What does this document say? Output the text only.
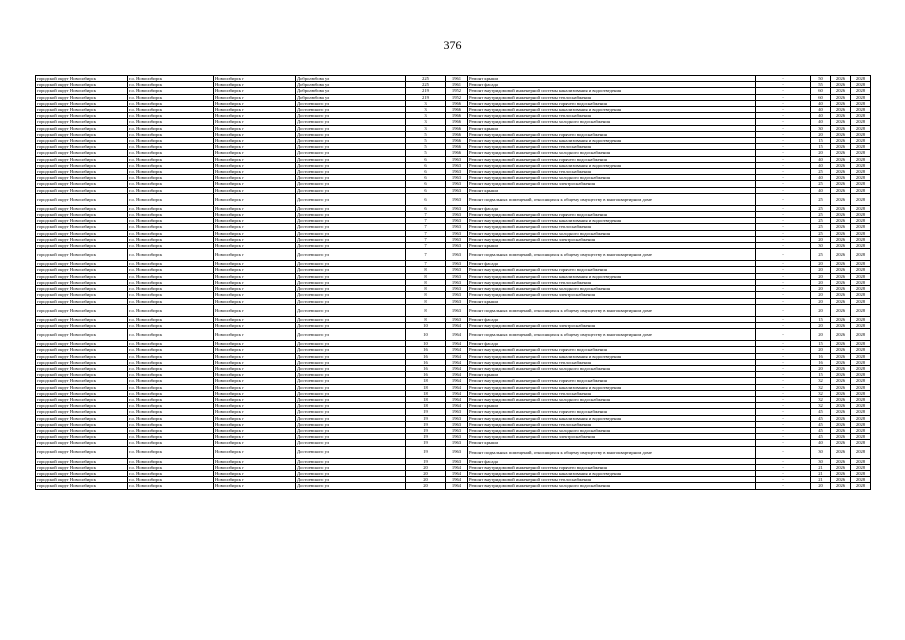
376
городской округ Новосибирск	г.о. Новосибирск	Новосибирск г	Добролюбова ул	225	1961	Ремонт крыши	-	50	2026	2028
городской округ Новосибирск	г.о. Новосибирск	Новосибирск г	Добролюбова ул	225	1961	Ремонт фасада	-	55	2026	2028
городской округ Новосибирск	г.о. Новосибирск	Новосибирск г	Добролюбова ул	219	1952	Ремонт внутридомовой инженерной системы канализования и водоотведения	-	60	2026	2028
городской округ Новосибирск	г.о. Новосибирск	Новосибирск г	Добролюбова ул	219	1952	Ремонт внутридомовой инженерной системы теплоснабжения	-	60	2026	2028
городской округ Новосибирск	г.о. Новосибирск	Новосибирск г	Достоевского ул	3	1966	Ремонт внутридомовой инженерной системы горячего водоснабжения	-	40	2026	2028
городской округ Новосибирск	г.о. Новосибирск	Новосибирск г	Достоевского ул	3	1966	Ремонт внутридомовой инженерной системы канализования и водоотведения	-	40	2026	2028
городской округ Новосибирск	г.о. Новосибирск	Новосибирск г	Достоевского ул	3	1966	Ремонт внутридомовой инженерной системы теплоснабжения	-	40	2026	2028
городской округ Новосибирск	г.о. Новосибирск	Новосибирск г	Достоевского ул	3	1966	Ремонт внутридомовой инженерной системы холодного водоснабжения	-	40	2026	2028
городской округ Новосибирск	г.о. Новосибирск	Новосибирск г	Достоевского ул	3	1966	Ремонт крыши	-	30	2026	2028
городской округ Новосибирск	г.о. Новосибирск	Новосибирск г	Достоевского ул	5	1966	Ремонт внутридомовой инженерной системы горячего водоснабжения	-	20	2026	2028
городской округ Новосибирск	г.о. Новосибирск	Новосибирск г	Достоевского ул	5	1966	Ремонт внутридомовой инженерной системы канализования и водоотведения	-	15	2026	2028
городской округ Новосибирск	г.о. Новосибирск	Новосибирск г	Достоевского ул	5	1966	Ремонт внутридомовой инженерной системы теплоснабжения	-	15	2026	2028
городской округ Новосибирск	г.о. Новосибирск	Новосибирск г	Достоевского ул	5	1966	Ремонт внутридомовой инженерной системы холодного водоснабжения	-	20	2026	2028
городской округ Новосибирск	г.о. Новосибирск	Новосибирск г	Достоевского ул	6	1963	Ремонт внутридомовой инженерной системы горячего водоснабжения	-	40	2026	2028
городской округ Новосибирск	г.о. Новосибирск	Новосибирск г	Достоевского ул	6	1963	Ремонт внутридомовой инженерной системы канализования и водоотведения	-	40	2026	2028
городской округ Новосибирск	г.о. Новосибирск	Новосибирск г	Достоевского ул	6	1963	Ремонт внутридомовой инженерной системы теплоснабжения	-	25	2026	2028
городской округ Новосибирск	г.о. Новосибирск	Новосибирск г	Достоевского ул	6	1963	Ремонт внутридомовой инженерной системы холодного водоснабжения	-	40	2026	2028
городской округ Новосибирск	г.о. Новосибирск	Новосибирск г	Достоевского ул	6	1963	Ремонт внутридомовой инженерной системы электроснабжения	-	25	2026	2028
городской округ Новосибирск	г.о. Новосибирск	Новосибирск г	Достоевского ул	6	1963	Ремонт крыши	-	40	2026	2028
городской округ Новосибирск	г.о. Новосибирск	Новосибирск г	Достоевского ул	6	1963	Ремонт подвальных помещений, относящихся к общему имуществу в многоквартирном доме	-	25	2026	2028
городской округ Новосибирск	г.о. Новосибирск	Новосибирск г	Достоевского ул	6	1963	Ремонт фасада	-	25	2026	2028
городской округ Новосибирск	г.о. Новосибирск	Новосибирск г	Достоевского ул	7	1963	Ремонт внутридомовой инженерной системы горячего водоснабжения	-	25	2026	2028
городской округ Новосибирск	г.о. Новосибирск	Новосибирск г	Достоевского ул	7	1963	Ремонт внутридомовой инженерной системы канализования и водоотведения	-	25	2026	2028
городской округ Новосибирск	г.о. Новосибирск	Новосибирск г	Достоевского ул	7	1963	Ремонт внутридомовой инженерной системы теплоснабжения	-	25	2026	2028
городской округ Новосибирск	г.о. Новосибирск	Новосибирск г	Достоевского ул	7	1963	Ремонт внутридомовой инженерной системы холодного водоснабжения	-	25	2026	2028
городской округ Новосибирск	г.о. Новосибирск	Новосибирск г	Достоевского ул	7	1963	Ремонт внутридомовой инженерной системы электроснабжения	-	20	2026	2028
городской округ Новосибирск	г.о. Новосибирск	Новосибирск г	Достоевского ул	7	1963	Ремонт крыши	-	30	2026	2028
городской округ Новосибирск	г.о. Новосибирск	Новосибирск г	Достоевского ул	7	1963	Ремонт подвальных помещений, относящихся к общему имуществу в многоквартирном доме	-	25	2026	2028
городской округ Новосибирск	г.о. Новосибирск	Новосибирск г	Достоевского ул	7	1963	Ремонт фасада	-	20	2026	2028
городской округ Новосибирск	г.о. Новосибирск	Новосибирск г	Достоевского ул	8	1963	Ремонт внутридомовой инженерной системы горячего водоснабжения	-	20	2026	2028
городской округ Новосибирск	г.о. Новосибирск	Новосибирск г	Достоевского ул	8	1963	Ремонт внутридомовой инженерной системы канализования и водоотведения	-	20	2026	2028
городской округ Новосибирск	г.о. Новосибирск	Новосибирск г	Достоевского ул	8	1963	Ремонт внутридомовой инженерной системы теплоснабжения	-	20	2026	2028
городской округ Новосибирск	г.о. Новосибирск	Новосибирск г	Достоевского ул	8	1963	Ремонт внутридомовой инженерной системы холодного водоснабжения	-	20	2026	2028
городской округ Новосибирск	г.о. Новосибирск	Новосибирск г	Достоевского ул	8	1963	Ремонт внутридомовой инженерной системы электроснабжения	-	20	2026	2028
городской округ Новосибирск	г.о. Новосибирск	Новосибирск г	Достоевского ул	8	1963	Ремонт крыши	-	20	2026	2028
городской округ Новосибирск	г.о. Новосибирск	Новосибирск г	Достоевского ул	8	1963	Ремонт подвальных помещений, относящихся к общему имуществу в многоквартирном доме	-	20	2026	2028
городской округ Новосибирск	г.о. Новосибирск	Новосибирск г	Достоевского ул	8	1963	Ремонт фасада	-	15	2026	2028
городской округ Новосибирск	г.о. Новосибирск	Новосибирск г	Достоевского ул	10	1964	Ремонт внутридомовой инженерной системы электроснабжения	-	20	2026	2028
городской округ Новосибирск	г.о. Новосибирск	Новосибирск г	Достоевского ул	10	1964	Ремонт подвальных помещений, относящихся к общему имуществу в многоквартирном доме	-	20	2026	2028
городской округ Новосибирск	г.о. Новосибирск	Новосибирск г	Достоевского ул	10	1964	Ремонт фасада	-	15	2026	2028
городской округ Новосибирск	г.о. Новосибирск	Новосибирск г	Достоевского ул	16	1964	Ремонт внутридомовой инженерной системы горячего водоснабжения	-	20	2026	2028
городской округ Новосибирск	г.о. Новосибирск	Новосибирск г	Достоевского ул	16	1964	Ремонт внутридомовой инженерной системы канализования и водоотведения	-	16	2026	2028
городской округ Новосибирск	г.о. Новосибирск	Новосибирск г	Достоевского ул	16	1964	Ремонт внутридомовой инженерной системы теплоснабжения	-	16	2026	2028
городской округ Новосибирск	г.о. Новосибирск	Новосибирск г	Достоевского ул	16	1964	Ремонт внутридомовой инженерной системы холодного водоснабжения	-	20	2026	2028
городской округ Новосибирск	г.о. Новосибирск	Новосибирск г	Достоевского ул	16	1964	Ремонт крыши	-	15	2026	2028
городской округ Новосибирск	г.о. Новосибирск	Новосибирск г	Достоевского ул	18	1964	Ремонт внутридомовой инженерной системы горячего водоснабжения	-	32	2026	2028
городской округ Новосибирск	г.о. Новосибирск	Новосибирск г	Достоевского ул	18	1964	Ремонт внутридомовой инженерной системы канализования и водоотведения	-	32	2026	2028
городской округ Новосибирск	г.о. Новосибирск	Новосибирск г	Достоевского ул	18	1964	Ремонт внутридомовой инженерной системы теплоснабжения	-	32	2026	2028
городской округ Новосибирск	г.о. Новосибирск	Новосибирск г	Достоевского ул	18	1964	Ремонт внутридомовой инженерной системы холодного водоснабжения	-	32	2026	2028
городской округ Новосибирск	г.о. Новосибирск	Новосибирск г	Достоевского ул	18	1964	Ремонт крыши	-	32	2026	2028
городской округ Новосибирск	г.о. Новосибирск	Новосибирск г	Достоевского ул	19	1963	Ремонт внутридомовой инженерной системы горячего водоснабжения	-	45	2026	2028
городской округ Новосибирск	г.о. Новосибирск	Новосибирск г	Достоевского ул	19	1963	Ремонт внутридомовой инженерной системы канализования и водоотведения	-	45	2026	2028
городской округ Новосибирск	г.о. Новосибирск	Новосибирск г	Достоевского ул	19	1963	Ремонт внутридомовой инженерной системы теплоснабжения	-	45	2026	2028
городской округ Новосибирск	г.о. Новосибирск	Новосибирск г	Достоевского ул	19	1963	Ремонт внутридомовой инженерной системы холодного водоснабжения	-	45	2026	2028
городской округ Новосибирск	г.о. Новосибирск	Новосибирск г	Достоевского ул	19	1963	Ремонт внутридомовой инженерной системы электроснабжения	-	45	2026	2028
городской округ Новосибирск	г.о. Новосибирск	Новосибирск г	Достоевского ул	19	1963	Ремонт крыши	-	40	2026	2028
городской округ Новосибирск	г.о. Новосибирск	Новосибирск г	Достоевского ул	19	1963	Ремонт подвальных помещений, относящихся к общему имуществу в многоквартирном доме	-	30	2026	2028
городской округ Новосибирск	г.о. Новосибирск	Новосибирск г	Достоевского ул	19	1963	Ремонт фасада	-	30	2026	2028
городской округ Новосибирск	г.о. Новосибирск	Новосибирск г	Достоевского ул	20	1964	Ремонт внутридомовой инженерной системы горячего водоснабжения	-	21	2026	2028
городской округ Новосибирск	г.о. Новосибирск	Новосибирск г	Достоевского ул	20	1964	Ремонт внутридомовой инженерной системы канализования и водоотведения	-	21	2026	2028
городской округ Новосибирск	г.о. Новосибирск	Новосибирск г	Достоевского ул	20	1964	Ремонт внутридомовой инженерной системы теплоснабжения	-	21	2026	2028
городской округ Новосибирск	г.о. Новосибирск	Новосибирск г	Достоевского ул	20	1964	Ремонт внутридомовой инженерной системы холодного водоснабжения	-	20	2026	2028
